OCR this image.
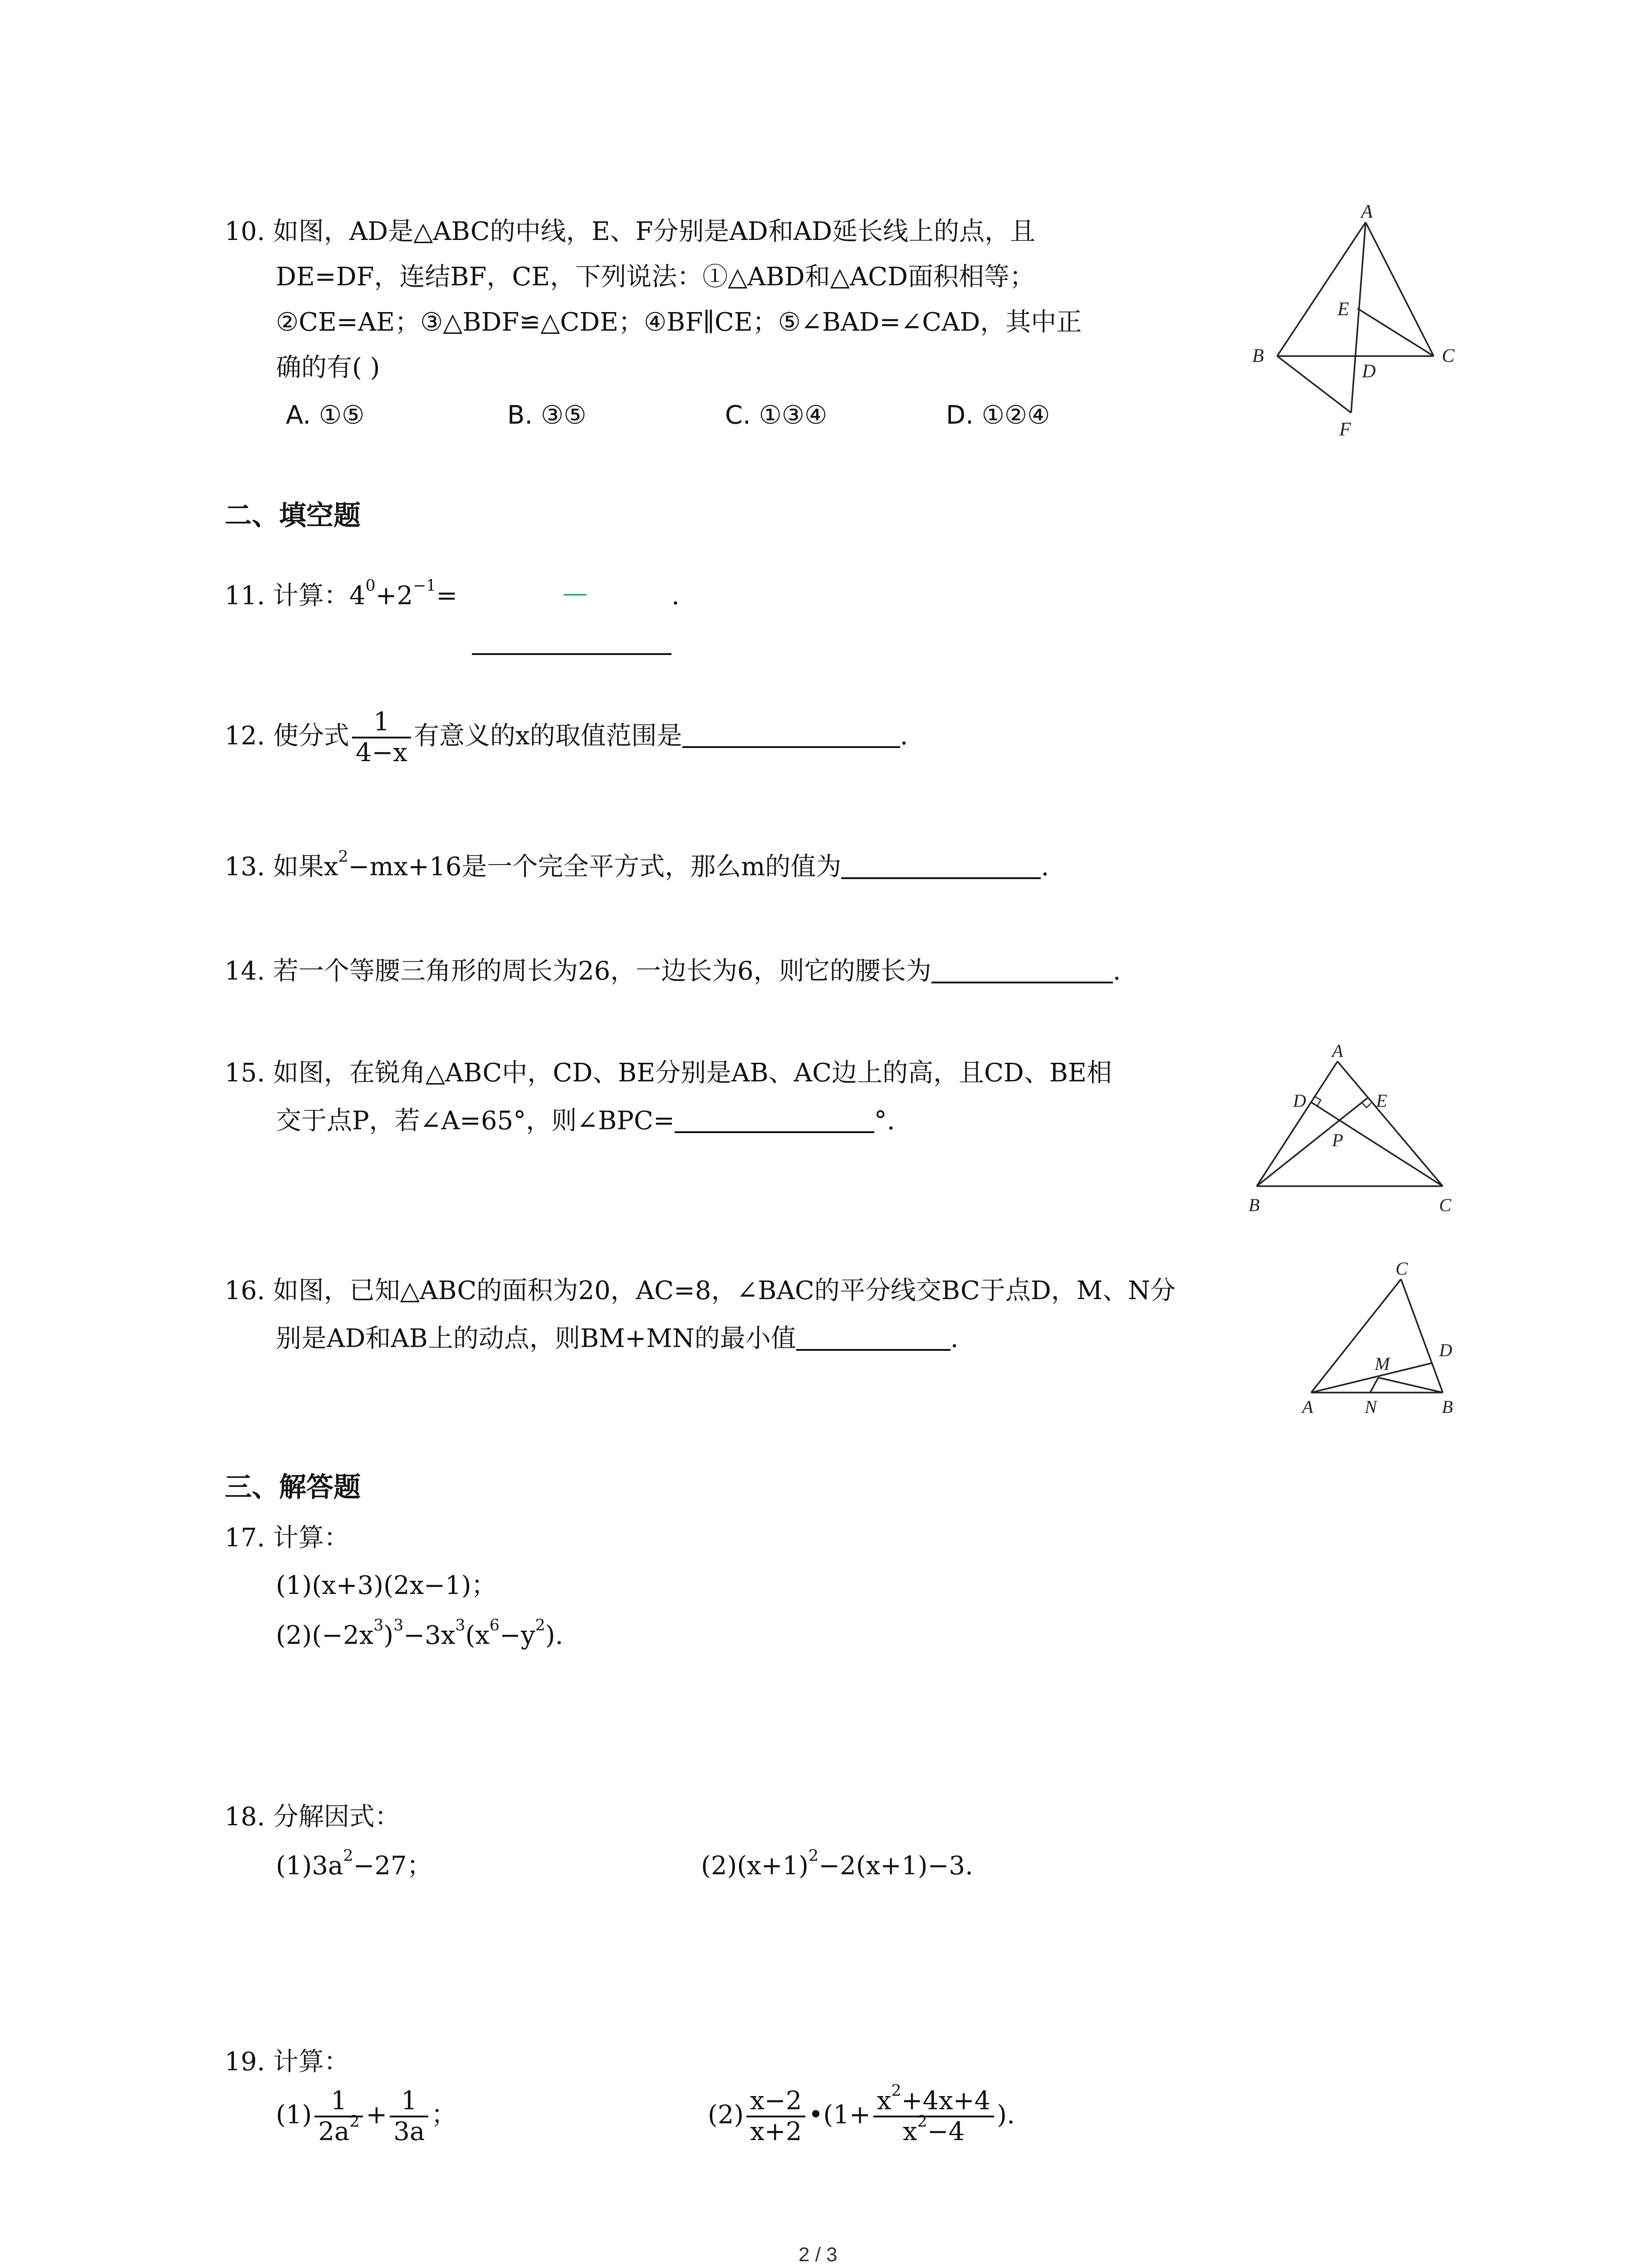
10. 如图，AD是△ABC的中线，E、F分别是AD和AD延长线上的点，且
DE=DF，连结BF，CE，下列说法：①△ABD和△ACD面积相等；
②CE=AE；③△BDF≌△CDE；④BF∥CE；⑤∠BAD=∠CAD，其中正
确的有( )
A. ①⑤	B. ③⑤	C. ①③④	D. ①②④
A
E
B
D
C
F
二、填空题
11. 计算：$4^0+2^{-1}=$	—	.
12. 使分式 $\frac{1}{4-x}$ 有意义的x的取值范围是	.
13. 如果$x^2-mx+16$是一个完全平方式，那么m的值为	.
14. 若一个等腰三角形的周长为26，一边长为6，则它的腰长为	.
15. 如图，在锐角△ABC中，CD、BE分别是AB、AC边上的高，且CD、BE相
交于点P，若∠A=65°，则∠BPC=	°.
A
D	E
P
B	C
16. 如图，已知△ABC的面积为20，AC=8，∠BAC的平分线交BC于点D，M、N分
别是AD和AB上的动点，则BM+MN的最小值	.
C
D
M
A	N	B
三、解答题
17. 计算：
(1)(x+3)(2x−1)；
$(2)(-2x^3)^3-3x^3(x^6-y^2)$.
18. 分解因式：
$(1)3a^2-27$；	$(2)(x+1)^2-2(x+1)-3$.
19. 计算：
$(1) \frac{1}{2a^2} + \frac{1}{3a}$ ；	$(2) \frac{x-2}{x+2}$ •(1+ $\frac{x^2+4x+4}{x^2-4}$ ).
2 / 3
